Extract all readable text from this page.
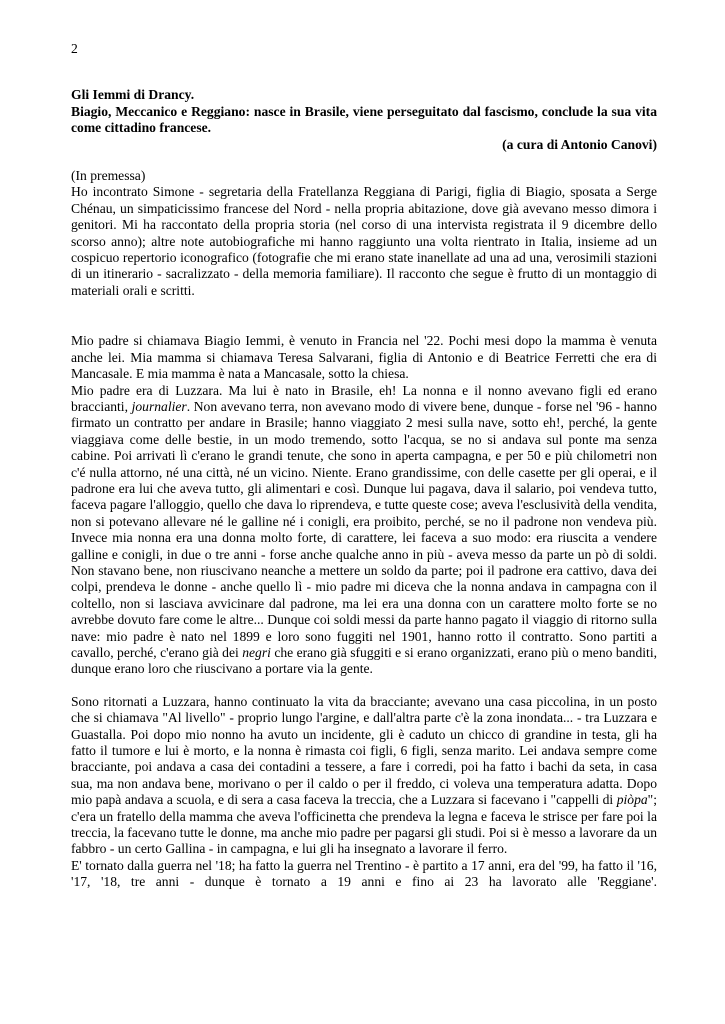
2
Gli Iemmi di Drancy.

Biagio, Meccanico e Reggiano: nasce in Brasile, viene perseguitato dal fascismo, conclude la sua vita come cittadino francese.

(a cura di Antonio Canovi)
(In premessa)

Ho incontrato Simone - segretaria della Fratellanza Reggiana di Parigi, figlia di Biagio, sposata a Serge Chénau, un simpaticissimo francese del Nord - nella propria abitazione, dove già avevano messo dimora i genitori. Mi ha raccontato della propria storia (nel corso di una intervista registrata il 9 dicembre dello scorso anno); altre note autobiografiche mi hanno raggiunto una volta rientrato in Italia, insieme ad un cospicuo repertorio iconografico (fotografie che mi erano state inanellate ad una ad una, verosimili stazioni di un itinerario - sacralizzato - della memoria familiare). Il racconto che segue è frutto di un montaggio di materiali orali e scritti.

Mio padre si chiamava Biagio Iemmi, è venuto in Francia nel '22. Pochi mesi dopo la mamma è venuta anche lei. Mia mamma si chiamava Teresa Salvarani, figlia di Antonio e di Beatrice Ferretti che era di Mancasale. E mia mamma è nata a Mancasale, sotto la chiesa.

Mio padre era di Luzzara. Ma lui è nato in Brasile, eh! La nonna e il nonno avevano figli ed erano braccianti, journalier. Non avevano terra, non avevano modo di vivere bene, dunque - forse nel '96 - hanno firmato un contratto per andare in Brasile; hanno viaggiato 2 mesi sulla nave, sotto eh!, perché, la gente viaggiava come delle bestie, in un modo tremendo, sotto l'acqua, se no si andava sul ponte ma senza cabine. Poi arrivati lì c'erano le grandi tenute, che sono in aperta campagna, e per 50 e più chilometri non c'é nulla attorno, né una città, né un vicino. Niente. Erano grandissime, con delle casette per gli operai, e il padrone era lui che aveva tutto, gli alimentari e così. Dunque lui pagava, dava il salario, poi vendeva tutto, faceva pagare l'alloggio, quello che dava lo riprendeva, e tutte queste cose; aveva l'esclusività della vendita, non si potevano allevare né le galline né i conigli, era proibito, perché, se no il padrone non vendeva più. Invece mia nonna era una donna molto forte, di carattere, lei faceva a suo modo: era riuscita a vendere galline e conigli, in due o tre anni - forse anche qualche anno in più - aveva messo da parte un pò di soldi. Non stavano bene, non riuscivano neanche a mettere un soldo da parte; poi il padrone era cattivo, dava dei colpi, prendeva le donne - anche quello lì - mio padre mi diceva che la nonna andava in campagna con il coltello, non si lasciava avvicinare dal padrone, ma lei era una donna con un carattere molto forte se no avrebbe dovuto fare come le altre... Dunque coi soldi messi da parte hanno pagato il viaggio di ritorno sulla nave: mio padre è nato nel 1899 e loro sono fuggiti nel 1901, hanno rotto il contratto. Sono partiti a cavallo, perché, c'erano già dei negri che erano già sfuggiti e si erano organizzati, erano più o meno banditi, dunque erano loro che riuscivano a portare via la gente.

Sono ritornati a Luzzara, hanno continuato la vita da bracciante; avevano una casa piccolina, in un posto che si chiamava "Al livello" - proprio lungo l'argine, e dall'altra parte c'è la zona inondata... - tra Luzzara e Guastalla. Poi dopo mio nonno ha avuto un incidente, gli è caduto un chicco di grandine in testa, gli ha fatto il tumore e lui è morto, e la nonna è rimasta coi figli, 6 figli, senza marito. Lei andava sempre come bracciante, poi andava a casa dei contadini a tessere, a fare i corredi, poi ha fatto i bachi da seta, in casa sua, ma non andava bene, morivano o per il caldo o per il freddo, ci voleva una temperatura adatta. Dopo mio papà andava a scuola, e di sera a casa faceva la treccia, che a Luzzara si facevano i "cappelli di piòpa"; c'era un fratello della mamma che aveva l'officinetta che prendeva la legna e faceva le strisce per fare poi la treccia, la facevano tutte le donne, ma anche mio padre per pagarsi gli studi. Poi si è messo a lavorare da un fabbro - un certo Gallina - in campagna, e lui gli ha insegnato a lavorare il ferro.

E' tornato dalla guerra nel '18; ha fatto la guerra nel Trentino - è partito a 17 anni, era del '99, ha fatto il '16, '17, '18, tre anni - dunque è tornato a 19 anni e fino ai 23 ha lavorato alle 'Reggiane'.
